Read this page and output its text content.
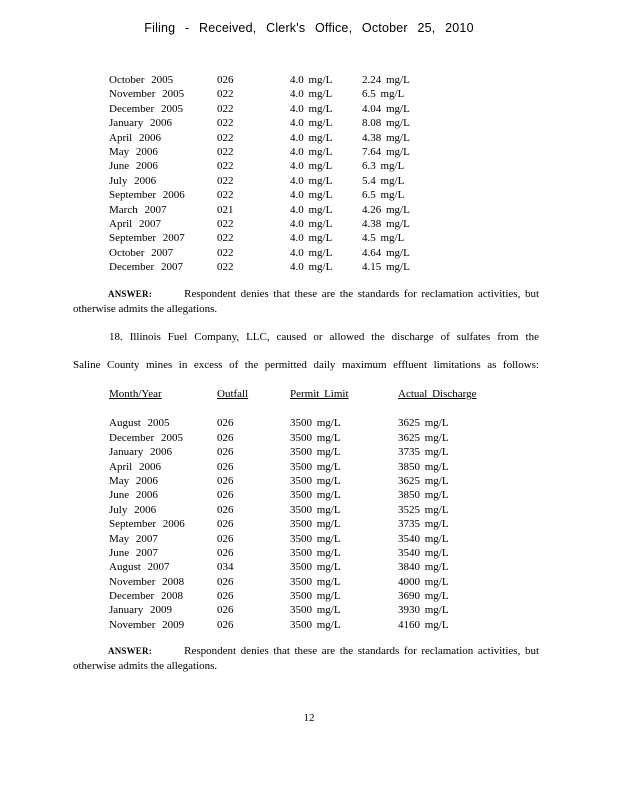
Filing - Received, Clerk's Office, October 25, 2010
October 2005	026	4.0 mg/L	2.24 mg/L
November 2005	022	4.0 mg/L	6.5 mg/L
December 2005	022	4.0 mg/L	4.04 mg/L
January 2006	022	4.0 mg/L	8.08 mg/L
April 2006	022	4.0 mg/L	4.38 mg/L
May 2006	022	4.0 mg/L	7.64 mg/L
June 2006	022	4.0 mg/L	6.3 mg/L
July 2006	022	4.0 mg/L	5.4 mg/L
September 2006	022	4.0 mg/L	6.5 mg/L
March 2007	021	4.0 mg/L	4.26 mg/L
April 2007	022	4.0 mg/L	4.38 mg/L
September 2007	022	4.0 mg/L	4.5 mg/L
October 2007	022	4.0 mg/L	4.64 mg/L
December 2007	022	4.0 mg/L	4.15 mg/L
ANSWER:	Respondent denies that these are the standards for reclamation activities, but otherwise admits the allegations.
18. Illinois Fuel Company, LLC, caused or allowed the discharge of sulfates from the
Saline County mines in excess of the permitted daily maximum effluent limitations as follows:
Month/Year	Outfall	Permit Limit	Actual Discharge
August 2005	026	3500 mg/L	3625 mg/L
December 2005	026	3500 mg/L	3625 mg/L
January 2006	026	3500 mg/L	3735 mg/L
April 2006	026	3500 mg/L	3850 mg/L
May 2006	026	3500 mg/L	3625 mg/L
June 2006	026	3500 mg/L	3850 mg/L
July 2006	026	3500 mg/L	3525 mg/L
September 2006	026	3500 mg/L	3735 mg/L
May 2007	026	3500 mg/L	3540 mg/L
June 2007	026	3500 mg/L	3540 mg/L
August 2007	034	3500 mg/L	3840 mg/L
November 2008	026	3500 mg/L	4000 mg/L
December 2008	026	3500 mg/L	3690 mg/L
January 2009	026	3500 mg/L	3930 mg/L
November 2009	026	3500 mg/L	4160 mg/L
ANSWER:	Respondent denies that these are the standards for reclamation activities, but otherwise admits the allegations.
12
